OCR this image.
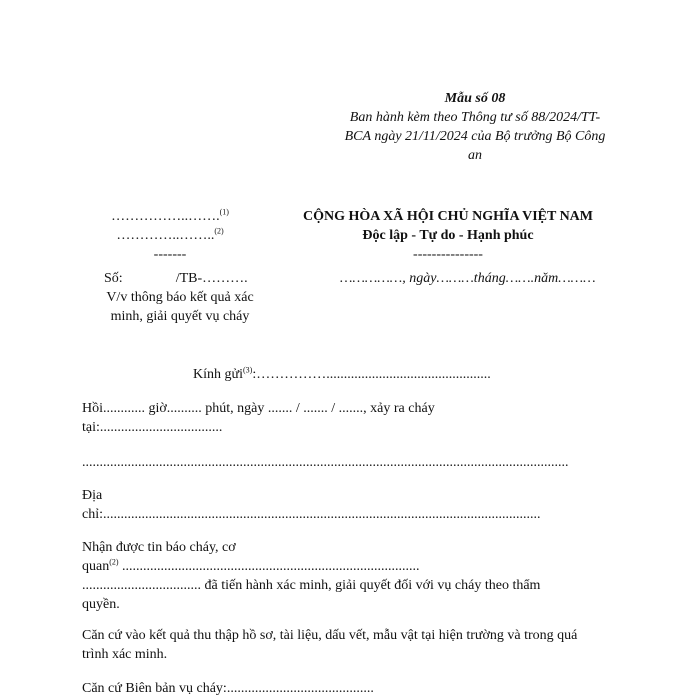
Mẫu số 08
Ban hành kèm theo Thông tư số 88/2024/TT-
BCA ngày 21/11/2024 của Bộ trưởng Bộ Công
an
……………..…….$^{(1)}$
…………..……..$^{(2)}$
-------
Số:	/TB-……….
V/v thông báo kết quả xác
minh, giải quyết vụ cháy
CỘNG HÒA XÃ HỘI CHỦ NGHĨA VIỆT NAM
Độc lập - Tự do - Hạnh phúc
---------------
……………, ngày………tháng…….năm………
Kính gửi$^{(3)}$:……………...............................................
Hồi............ giờ.......... phút, ngày ....... / ....... / ......., xảy ra cháy
tại:...................................
...........................................................................................................................................
Địa
chỉ:.............................................................................................................................
Nhận được tin báo cháy, cơ
quan$^{(2)}$ .....................................................................................
.................................. đã tiến hành xác minh, giải quyết đối với vụ cháy theo thẩm
quyền.
Căn cứ vào kết quả thu thập hồ sơ, tài liệu, dấu vết, mẫu vật tại hiện trường và trong quá
trình xác minh.
Căn cứ Biên bản vụ cháy:..........................................
